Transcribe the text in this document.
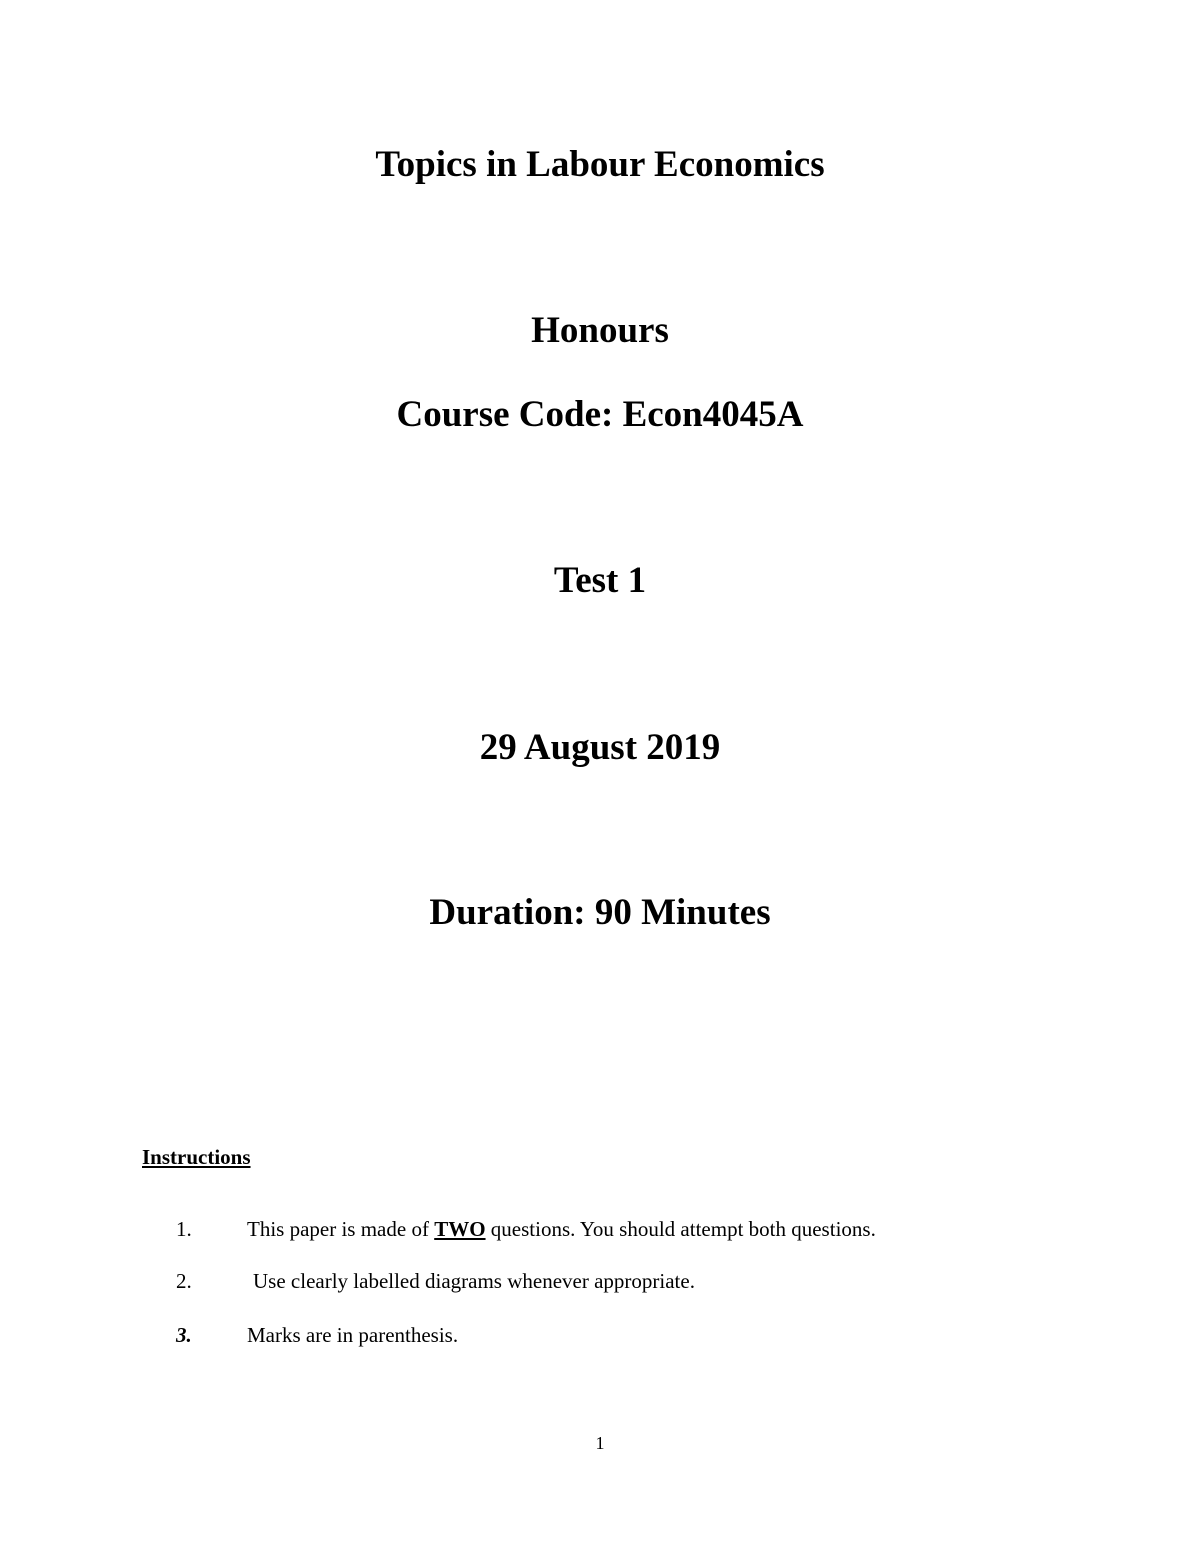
Topics in Labour Economics
Honours
Course Code: Econ4045A
Test 1
29 August 2019
Duration: 90 Minutes
Instructions
1.	This paper is made of TWO questions. You should attempt both questions.
2.	Use clearly labelled diagrams whenever appropriate.
3.	Marks are in parenthesis.
1
